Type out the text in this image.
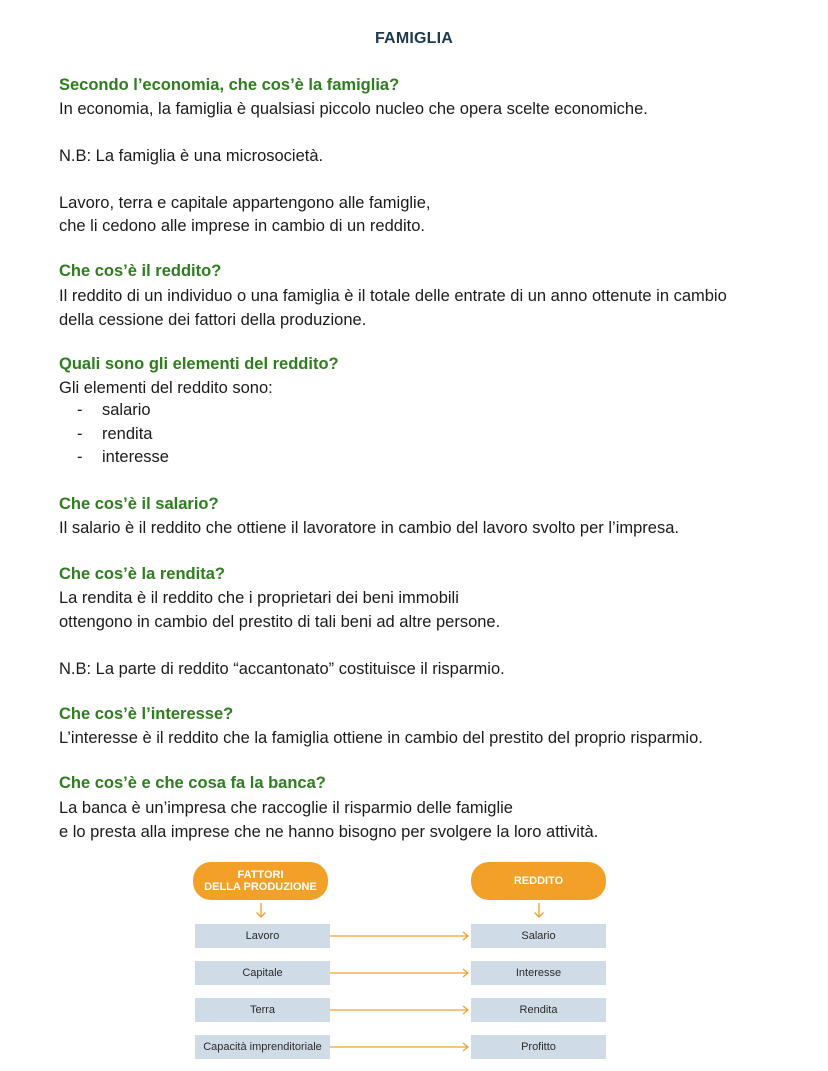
FAMIGLIA
Secondo l’economia, che cos’è la famiglia?
In economia, la famiglia è qualsiasi piccolo nucleo che opera scelte economiche.
N.B: La famiglia è una microsocietà.
Lavoro, terra e capitale appartengono alle famiglie,
che li cedono alle imprese in cambio di un reddito.
Che cos’è il reddito?
Il reddito di un individuo o una famiglia è il totale delle entrate di un anno ottenute in cambio
della cessione dei fattori della produzione.
Quali sono gli elementi del reddito?
Gli elementi del reddito sono:
- salario
- rendita
- interesse
Che cos’è il salario?
Il salario è il reddito che ottiene il lavoratore in cambio del lavoro svolto per l’impresa.
Che cos’è la rendita?
La rendita è il reddito che i proprietari dei beni immobili
ottengono in cambio del prestito di tali beni ad altre persone.
N.B: La parte di reddito “accantonato” costituisce il risparmio.
Che cos’è l’interesse?
L’interesse è il reddito che la famiglia ottiene in cambio del prestito del proprio risparmio.
Che cos’è e che cosa fa la banca?
La banca è un’impresa che raccoglie il risparmio delle famiglie
e lo presta alla imprese che ne hanno bisogno per svolgere la loro attività.
FATTORI
DELLA PRODUZIONE	REDDITO
Lavoro	Salario
Capitale	Interesse
Terra	Rendita
Capacità imprenditoriale	Profitto
